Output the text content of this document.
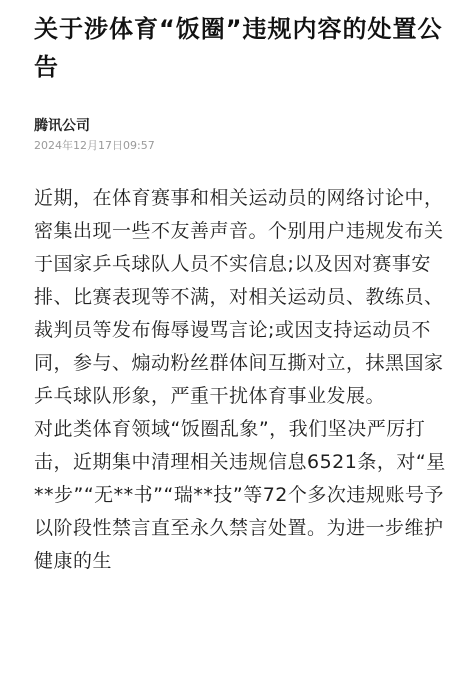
关于涉体育“饭圈”违规内容的处置公告
腾讯公司
2024年12月17日09:57

近期，在体育赛事和相关运动员的网络讨论中，密集出现一些不友善声音。个别用户违规发布关于国家乒乓球队人员不实信息;以及因对赛事安排、比赛表现等不满，对相关运动员、教练员、裁判员等发布侮辱谩骂言论;或因支持运动员不同，参与、煽动粉丝群体间互撕对立，抹黑国家乒乓球队形象，严重干扰体育事业发展。

对此类体育领域“饭圈乱象”，我们坚决严厉打击，近期集中清理相关违规信息6521条，对“星**步”“无**书”“瑞**技”等72个多次违规账号予以阶段性禁言直至永久禁言处置。为进一步维护健康的生
